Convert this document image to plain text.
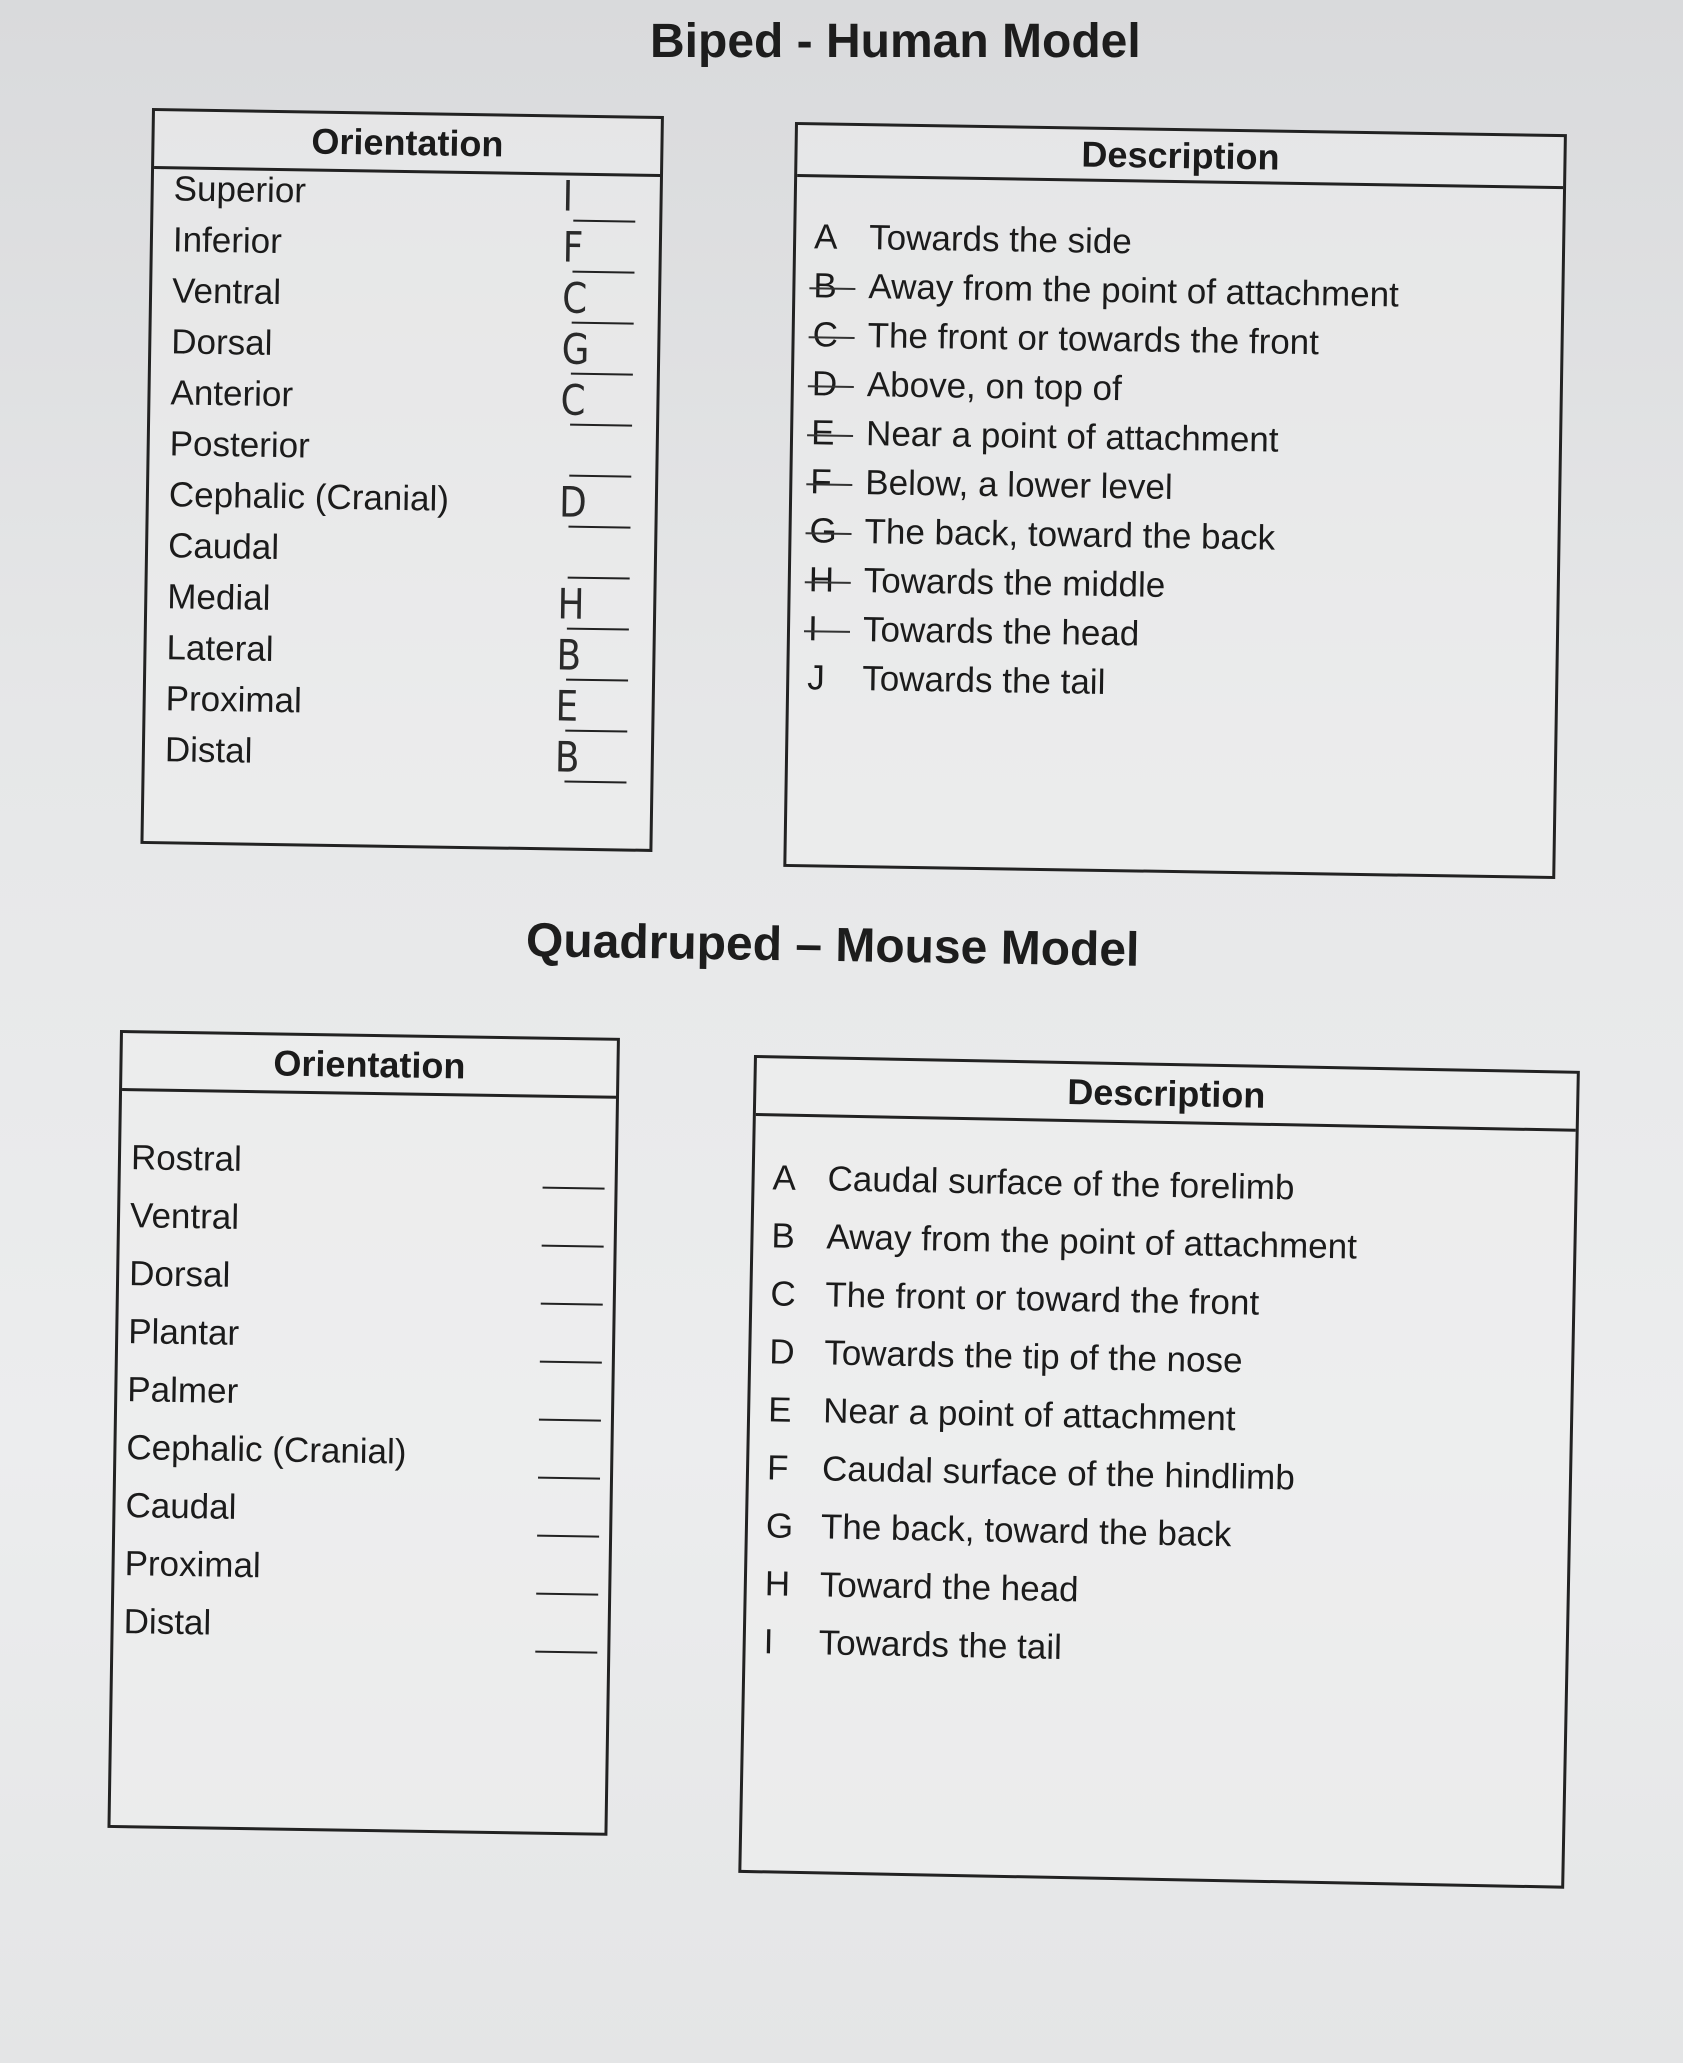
Biped - Human Model
Orientation
Superior	I
Inferior	F
Ventral	C
Dorsal	G
Anterior	C
Posterior
Cephalic (Cranial)	D
Caudal
Medial	H
Lateral	B
Proximal	E
Distal	B
Description
A Towards the side
B Away from the point of attachment
C The front or towards the front
D Above, on top of
E Near a point of attachment
F Below, a lower level
G The back, toward the back
H Towards the middle
I Towards the head
J Towards the tail
Quadruped – Mouse Model
Orientation
Rostral
Ventral
Dorsal
Plantar
Palmer
Cephalic (Cranial)
Caudal
Proximal
Distal
Description
A Caudal surface of the forelimb
B Away from the point of attachment
C The front or toward the front
D Towards the tip of the nose
E Near a point of attachment
F Caudal surface of the hindlimb
G The back, toward the back
H Toward the head
I Towards the tail
